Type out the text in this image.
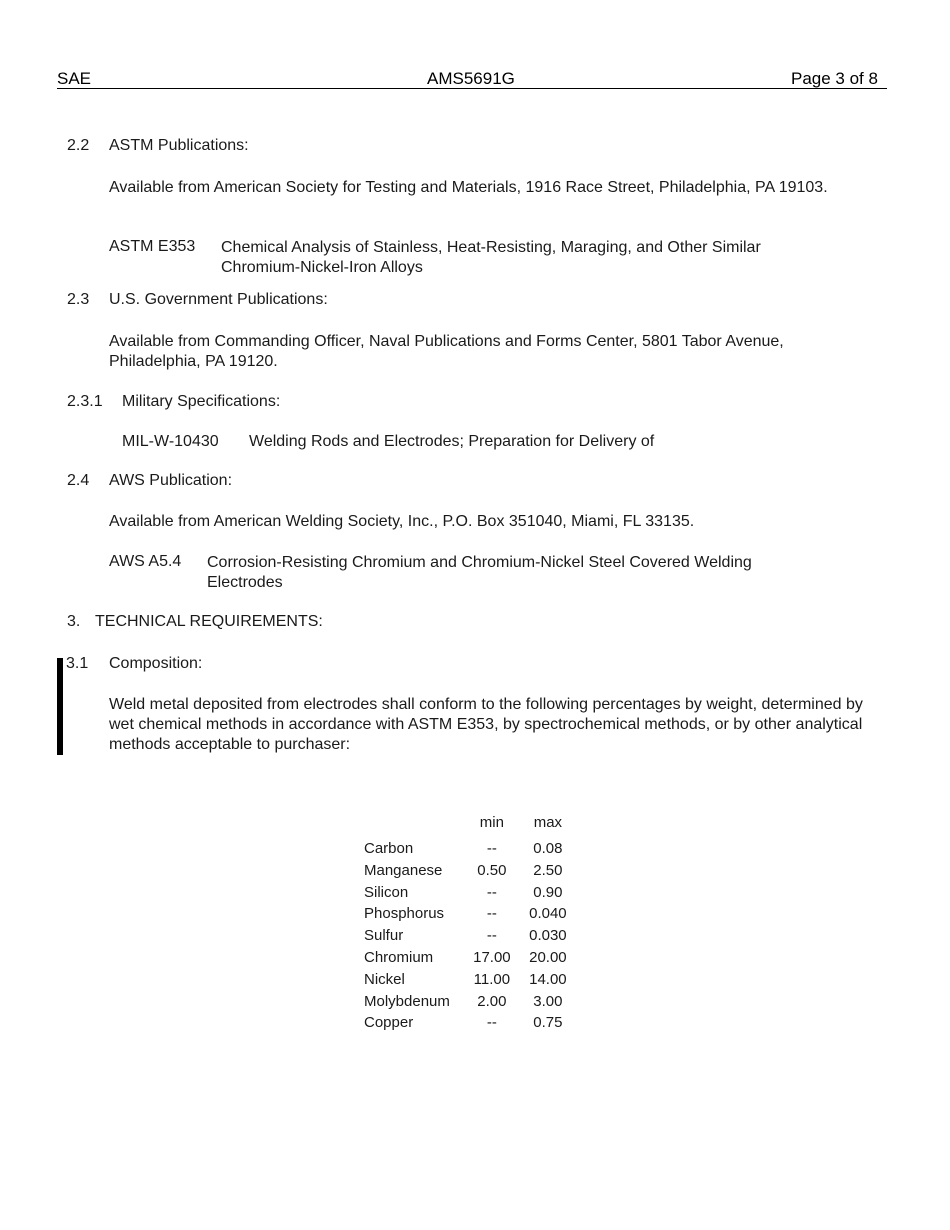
SAE	AMS5691G	Page 3 of 8
2.2 ASTM Publications:
Available from American Society for Testing and Materials, 1916 Race Street, Philadelphia, PA 19103.
ASTM E353 Chemical Analysis of Stainless, Heat-Resisting, Maraging, and Other Similar Chromium-Nickel-Iron Alloys
2.3 U.S. Government Publications:
Available from Commanding Officer, Naval Publications and Forms Center, 5801 Tabor Avenue, Philadelphia, PA 19120.
2.3.1 Military Specifications:
MIL-W-10430 Welding Rods and Electrodes; Preparation for Delivery of
2.4 AWS Publication:
Available from American Welding Society, Inc., P.O. Box 351040, Miami, FL 33135.
AWS A5.4 Corrosion-Resisting Chromium and Chromium-Nickel Steel Covered Welding Electrodes
3. TECHNICAL REQUIREMENTS:
3.1 Composition:
Weld metal deposited from electrodes shall conform to the following percentages by weight, determined by wet chemical methods in accordance with ASTM E353, by spectrochemical methods, or by other analytical methods acceptable to purchaser:
	min	max
Carbon	--	0.08
Manganese	0.50	2.50
Silicon	--	0.90
Phosphorus	--	0.040
Sulfur	--	0.030
Chromium	17.00	20.00
Nickel	11.00	14.00
Molybdenum	2.00	3.00
Copper	--	0.75
